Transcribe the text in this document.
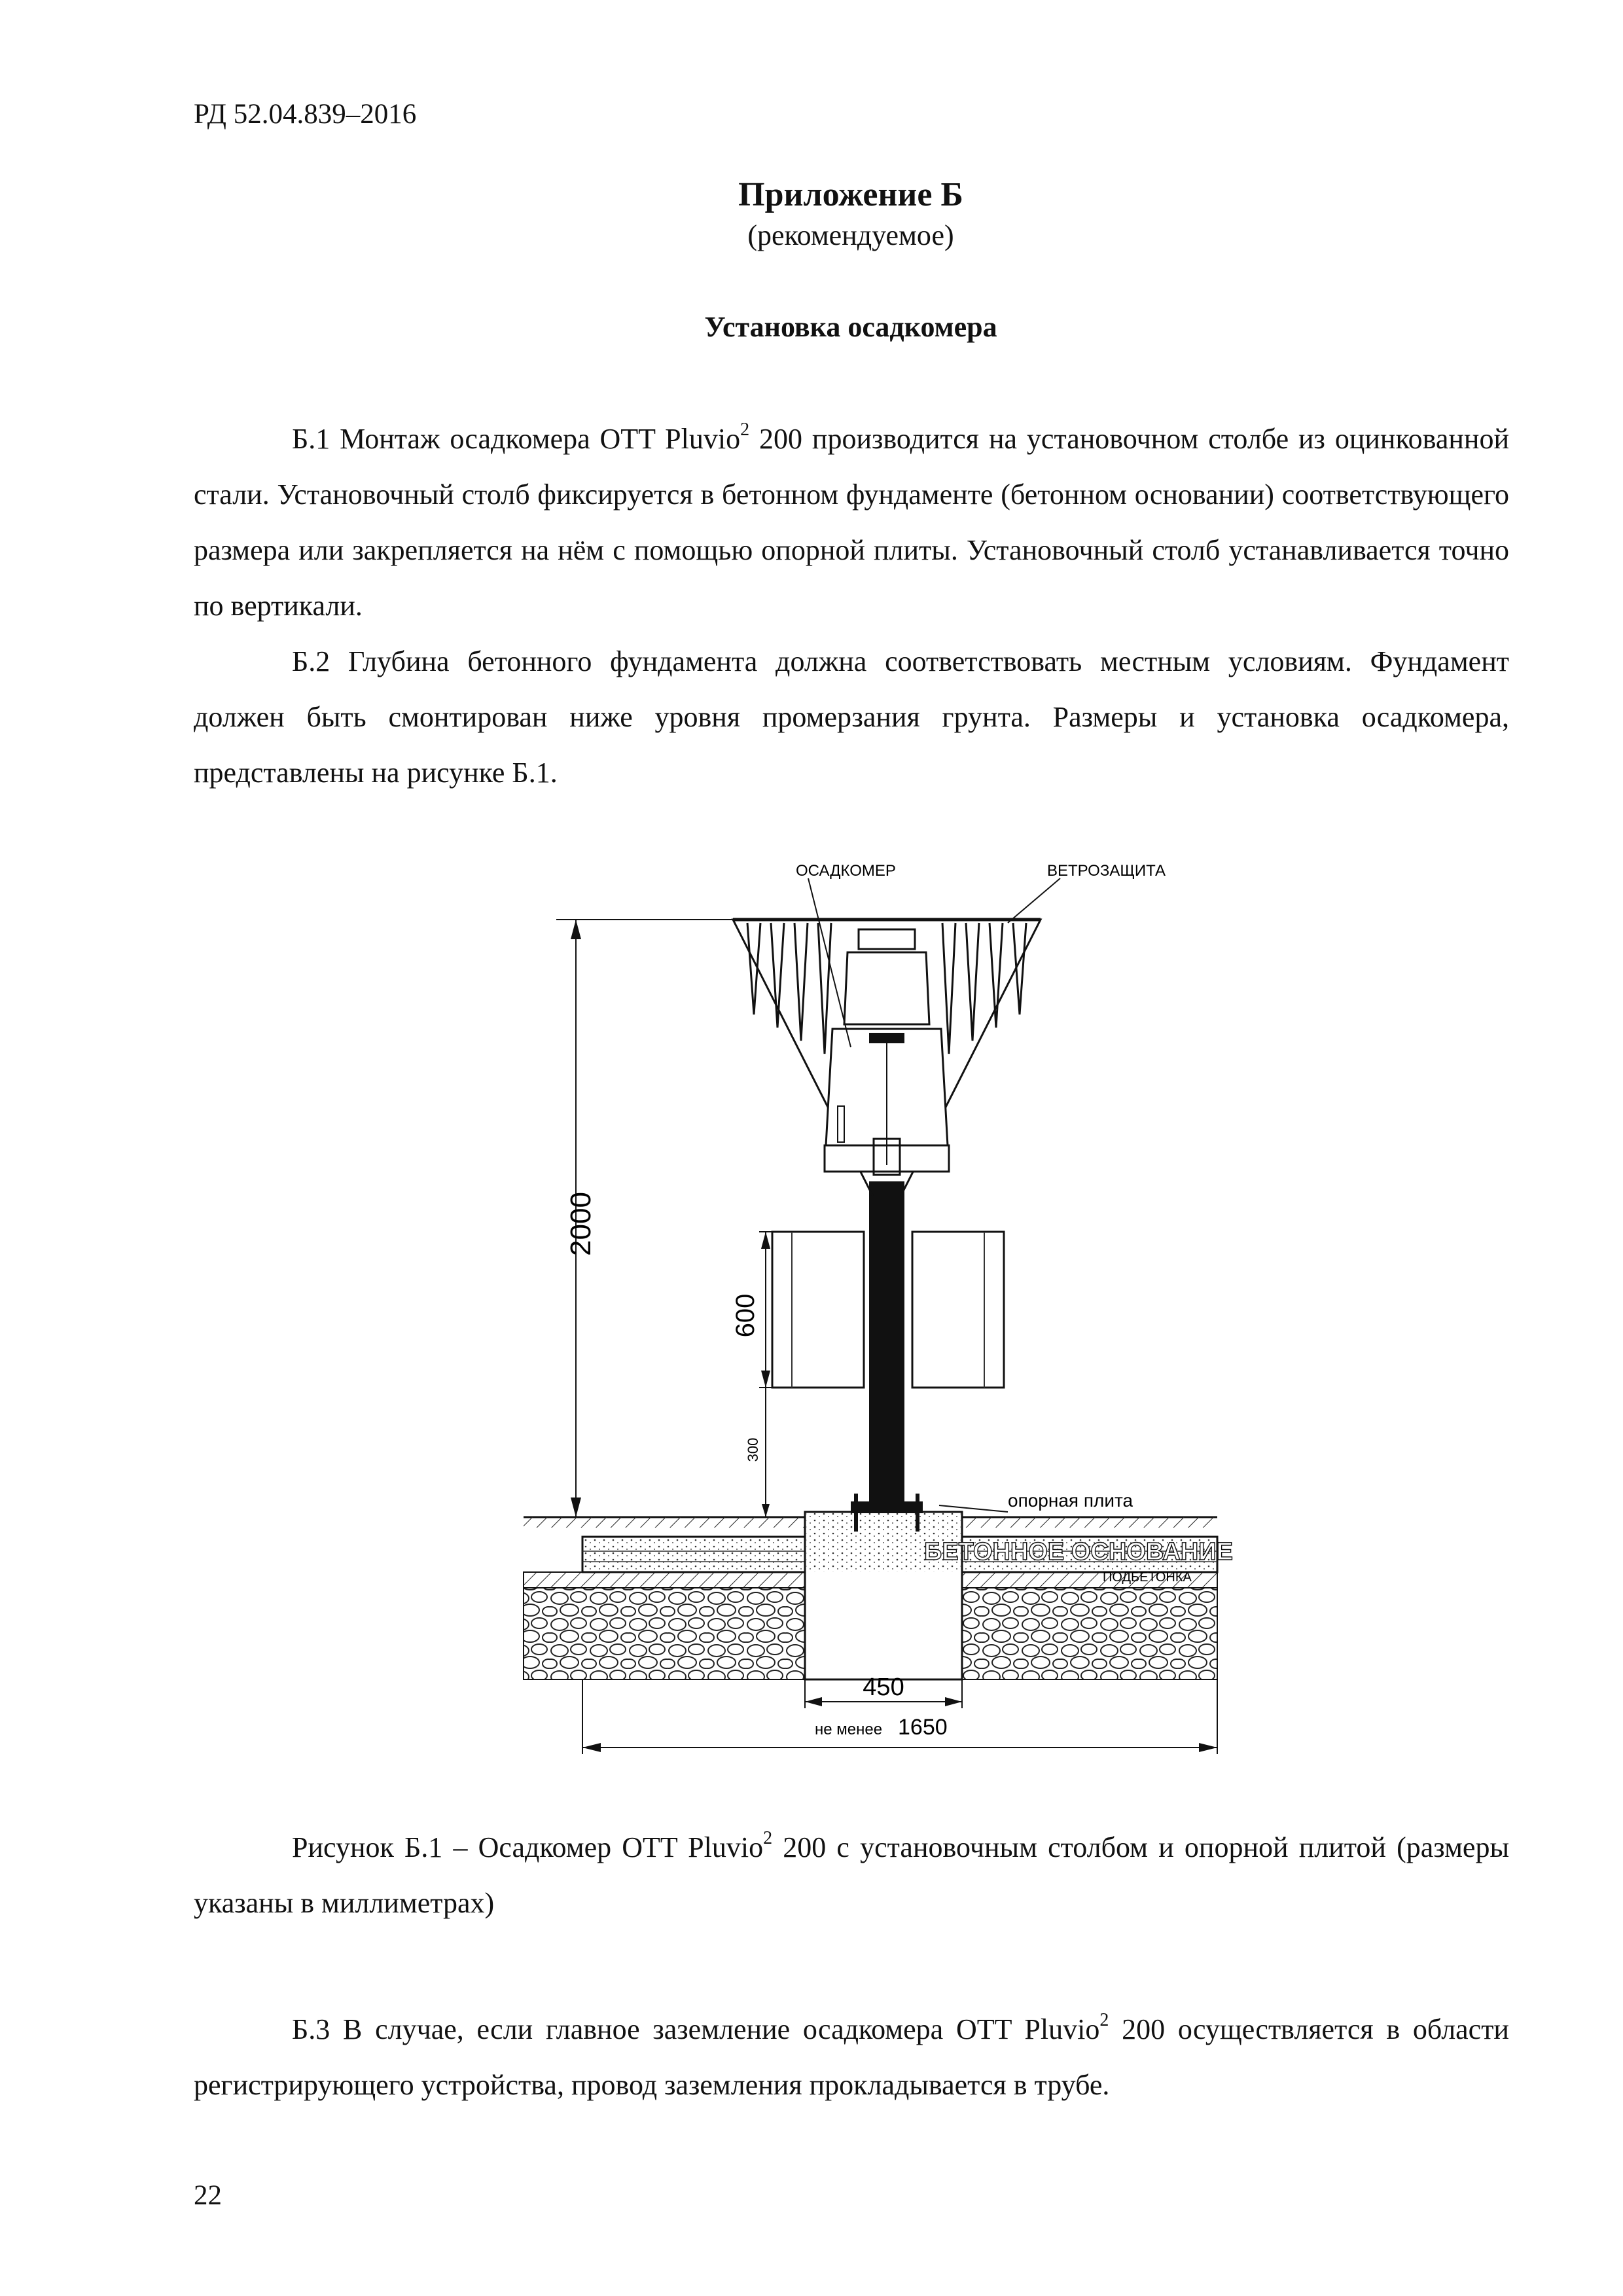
РД 52.04.839–2016
Приложение Б
(рекомендуемое)
Установка осадкомера

Б.1 Монтаж осадкомера OTT Pluvio$^2$ 200 производится на установочном столбе из оцинкованной стали. Установочный столб фиксируется в бетонном фундаменте (бетонном основании) соответствующего размера или закрепляется на нём с помощью опорной плиты. Установочный столб устанавливается точно по вертикали.

Б.2 Глубина бетонного фундамента должна соответствовать местным условиям. Фундамент должен быть смонтирован ниже уровня промерзания грунта. Размеры и установка осадкомера, представлены на рисунке Б.1.

ОСАДКОМЕР	ВЕТРОЗАЩИТА
опорная плита
БЕТОННОЕ ОСНОВАНИЕ
ПОДБЕТОНКА
2000
600
300
450
не менее 1650

Рисунок Б.1 – Осадкомер OTT Pluvio$^2$ 200 с установочным столбом и опорной плитой (размеры указаны в миллиметрах)

Б.3 В случае, если главное заземление осадкомера OTT Pluvio$^2$ 200 осуществляется в области регистрирующего устройства, провод заземления прокладывается в трубе.

22
